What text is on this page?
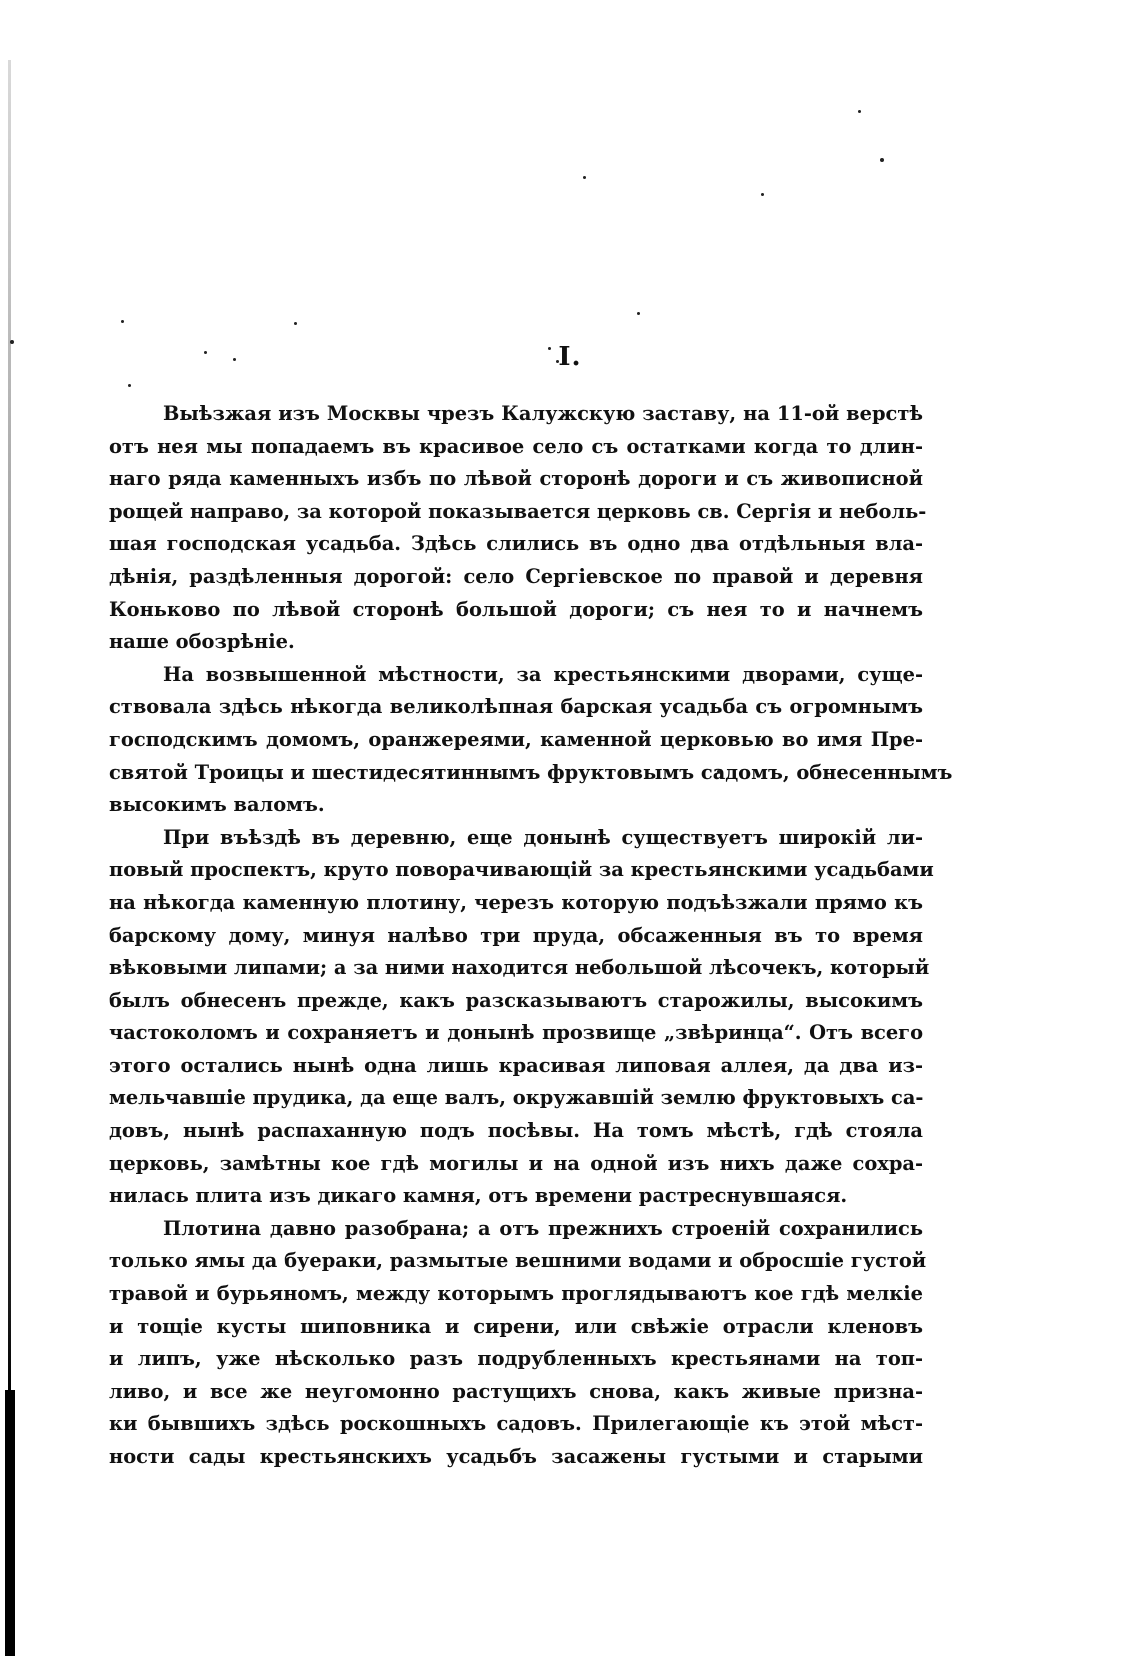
I.
Выѣзжая изъ Москвы чрезъ Калужскую заставу, на 11-ой верстѣ
отъ нея мы попадаемъ въ красивое село съ остатками когда то длин-
наго ряда каменныхъ избъ по лѣвой сторонѣ дороги и съ живописной
рощей направо, за которой показывается церковь св. Сергія и неболь-
шая господская усадьба. Здѣсь слились въ одно два отдѣльныя вла-
дѣнія, раздѣленныя дорогой: село Сергіевское по правой и деревня
Коньково по лѣвой сторонѣ большой дороги; съ нея то и начнемъ
наше обозрѣніе.
На возвышенной мѣстности, за крестьянскими дворами, суще-
ствовала здѣсь нѣкогда великолѣпная барская усадьба съ огромнымъ
господскимъ домомъ, оранжереями, каменной церковью во имя Пре-
святой Троицы и шестидесятиннымъ фруктовымъ садомъ, обнесеннымъ
высокимъ валомъ.
При въѣздѣ въ деревню, еще донынѣ существуетъ широкій ли-
повый проспектъ, круто поворачивающій за крестьянскими усадьбами
на нѣкогда каменную плотину, черезъ которую подъѣзжали прямо къ
барскому дому, минуя налѣво три пруда, обсаженныя въ то время
вѣковыми липами; а за ними находится небольшой лѣсочекъ, который
былъ обнесенъ прежде, какъ разсказываютъ старожилы, высокимъ
частоколомъ и сохраняетъ и донынѣ прозвище „звѣринца“. Отъ всего
этого остались нынѣ одна лишь красивая липовая аллея, да два из-
мельчавшіе прудика, да еще валъ, окружавшій землю фруктовыхъ са-
довъ, нынѣ распаханную подъ посѣвы. На томъ мѣстѣ, гдѣ стояла
церковь, замѣтны кое гдѣ могилы и на одной изъ нихъ даже сохра-
нилась плита изъ дикаго камня, отъ времени растреснувшаяся.
Плотина давно разобрана; а отъ прежнихъ строеній сохранились
только ямы да буераки, размытые вешними водами и обросшіе густой
травой и бурьяномъ, между которымъ проглядываютъ кое гдѣ мелкіе
и тощіе кусты шиповника и сирени, или свѣжіе отрасли кленовъ
и липъ, уже нѣсколько разъ подрубленныхъ крестьянами на топ-
ливо, и все же неугомонно растущихъ снова, какъ живые призна-
ки бывшихъ здѣсь роскошныхъ садовъ. Прилегающіе къ этой мѣст-
ности сады крестьянскихъ усадьбъ засажены густыми и старыми
